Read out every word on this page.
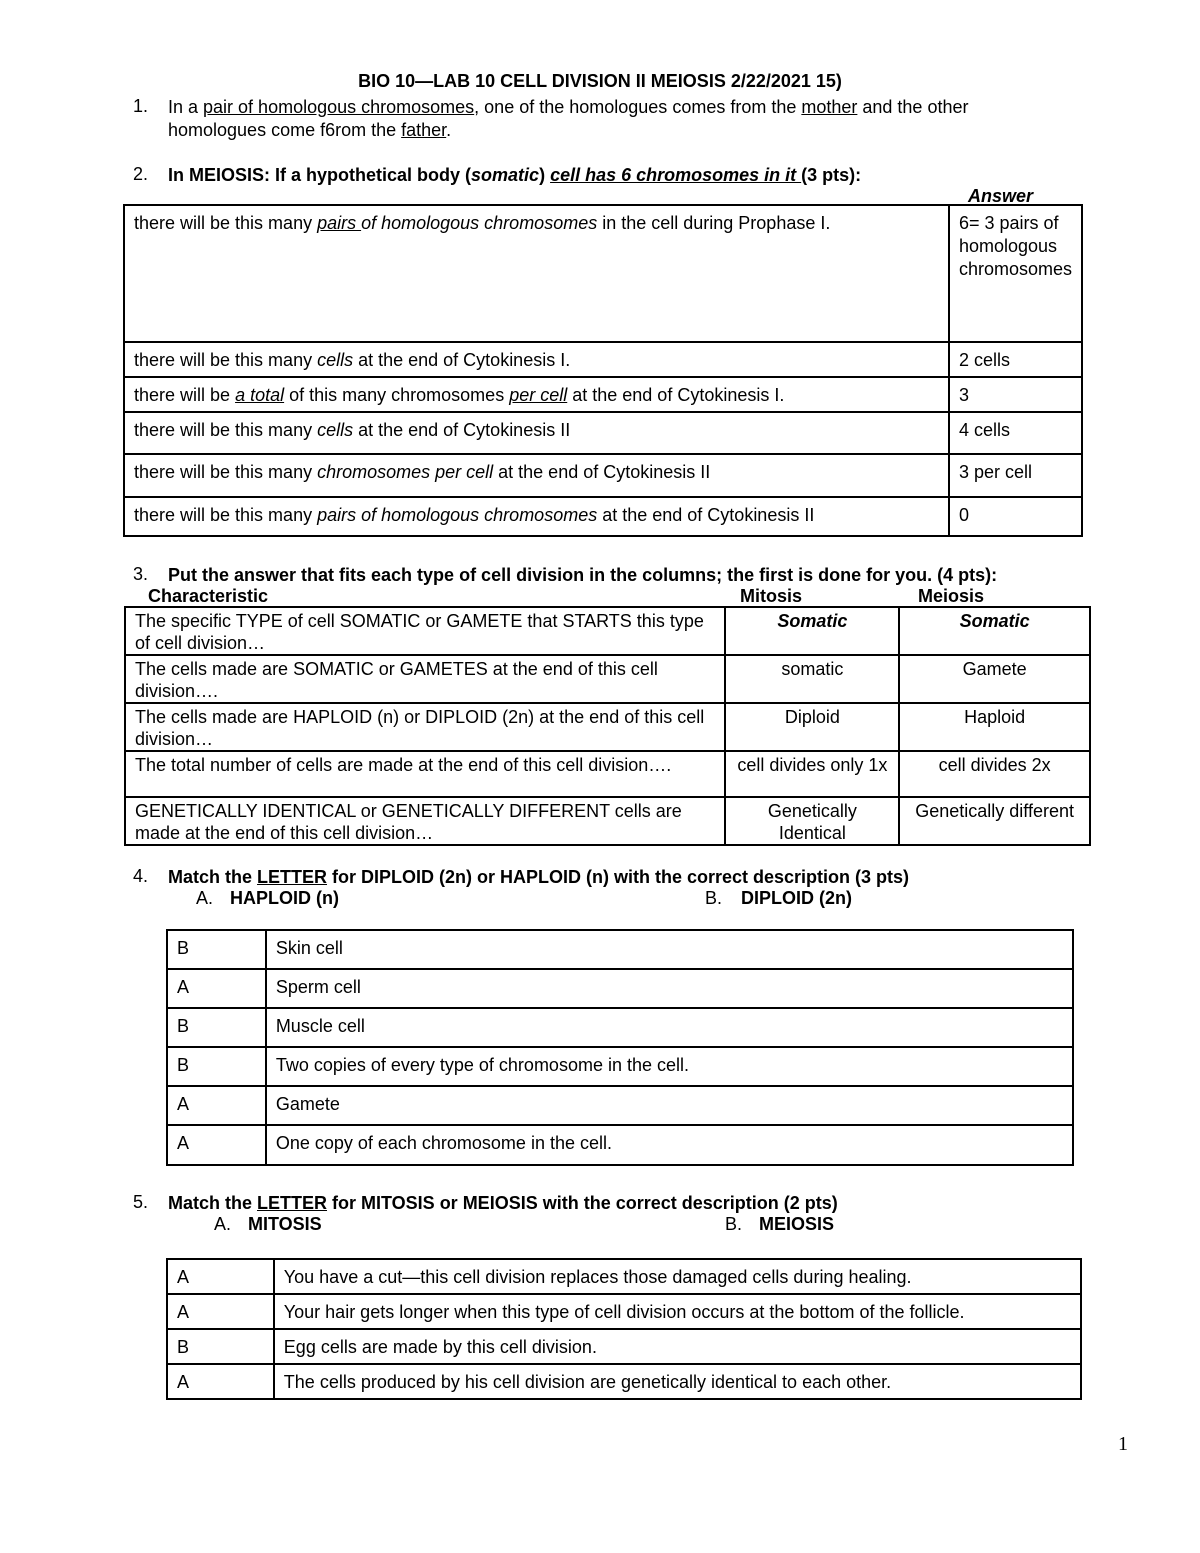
BIO 10—LAB 10 CELL DIVISION II MEIOSIS 2/22/2021 15)
1. In a pair of homologous chromosomes, one of the homologues comes from the mother and the other
homologues come f6rom the father.
2. In MEIOSIS: If a hypothetical body (somatic) cell has 6 chromosomes in it (3 pts):
Answer
there will be this many pairs of homologous chromosomes in the cell during Prophase I.	6= 3 pairs of homologous chromosomes
there will be this many cells at the end of Cytokinesis I.	2 cells
there will be a total of this many chromosomes per cell at the end of Cytokinesis I.	3
there will be this many cells at the end of Cytokinesis II	4 cells
there will be this many chromosomes per cell at the end of Cytokinesis II	3 per cell
there will be this many pairs of homologous chromosomes at the end of Cytokinesis II	0
3. Put the answer that fits each type of cell division in the columns; the first is done for you. (4 pts):
Characteristic	Mitosis	Meiosis
The specific TYPE of cell SOMATIC or GAMETE that STARTS this type of cell division…	Somatic	Somatic
The cells made are SOMATIC or GAMETES at the end of this cell division….	somatic	Gamete
The cells made are HAPLOID (n) or DIPLOID (2n) at the end of this cell division…	Diploid	Haploid
The total number of cells are made at the end of this cell division….	cell divides only 1x	cell divides 2x
GENETICALLY IDENTICAL or GENETICALLY DIFFERENT cells are made at the end of this cell division…	Genetically Identical	Genetically different
4. Match the LETTER for DIPLOID (2n) or HAPLOID (n) with the correct description (3 pts)
A. HAPLOID (n)	B. DIPLOID (2n)
B	Skin cell
A	Sperm cell
B	Muscle cell
B	Two copies of every type of chromosome in the cell.
A	Gamete
A	One copy of each chromosome in the cell.
5. Match the LETTER for MITOSIS or MEIOSIS with the correct description (2 pts)
A. MITOSIS	B. MEIOSIS
A	You have a cut—this cell division replaces those damaged cells during healing.
A	Your hair gets longer when this type of cell division occurs at the bottom of the follicle.
B	Egg cells are made by this cell division.
A	The cells produced by his cell division are genetically identical to each other.
1
